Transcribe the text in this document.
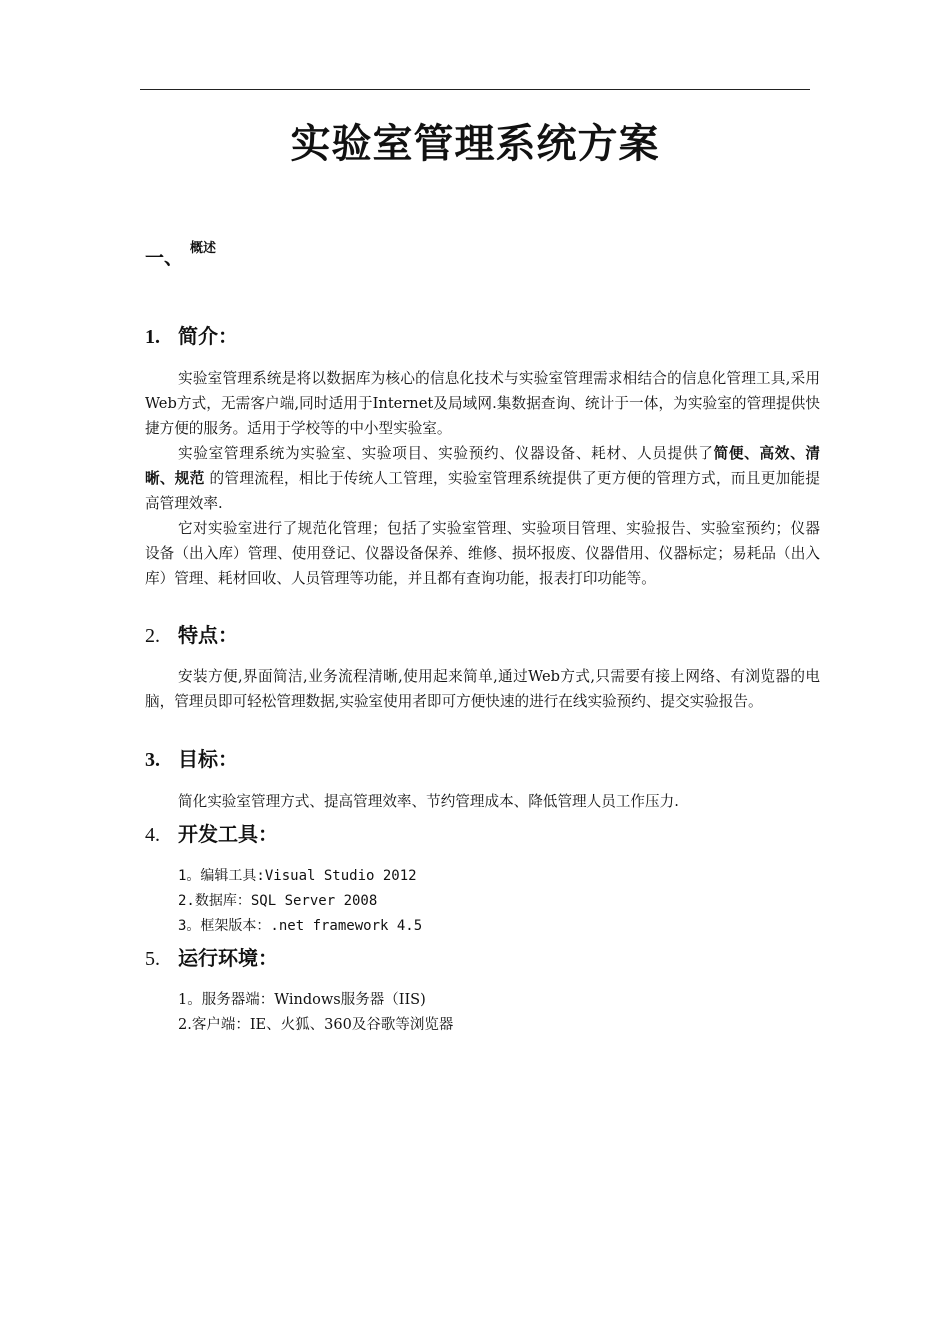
实验室管理系统方案
一、 概述
1. 简介：

实验室管理系统是将以数据库为核心的信息化技术与实验室管理需求相结合的信息化管理工具,采用Web方式，无需客户端,同时适用于Internet及局域网.集数据查询、统计于一体，为实验室的管理提供快捷方便的服务。适用于学校等的中小型实验室。

实验室管理系统为实验室、实验项目、实验预约、仪器设备、耗材、人员提供了简便、高效、清晰、规范 的管理流程，相比于传统人工管理，实验室管理系统提供了更方便的管理方式，而且更加能提高管理效率.

它对实验室进行了规范化管理；包括了实验室管理、实验项目管理、实验报告、实验室预约；仪器设备（出入库）管理、使用登记、仪器设备保养、维修、损坏报废、仪器借用、仪器标定；易耗品（出入库）管理、耗材回收、人员管理等功能，并且都有查询功能，报表打印功能等。

2. 特点：

安装方便,界面简洁,业务流程清晰,使用起来简单,通过Web方式,只需要有接上网络、有浏览器的电脑，管理员即可轻松管理数据,实验室使用者即可方便快速的进行在线实验预约、提交实验报告。

3. 目标：

简化实验室管理方式、提高管理效率、节约管理成本、降低管理人员工作压力.

4. 开发工具：

1。编辑工具:Visual Studio 2012

2.数据库：SQL Server 2008

3。框架版本：.net framework 4.5

5. 运行环境：

1。服务器端：Windows服务器（IIS)

2.客户端：IE、火狐、360及谷歌等浏览器
